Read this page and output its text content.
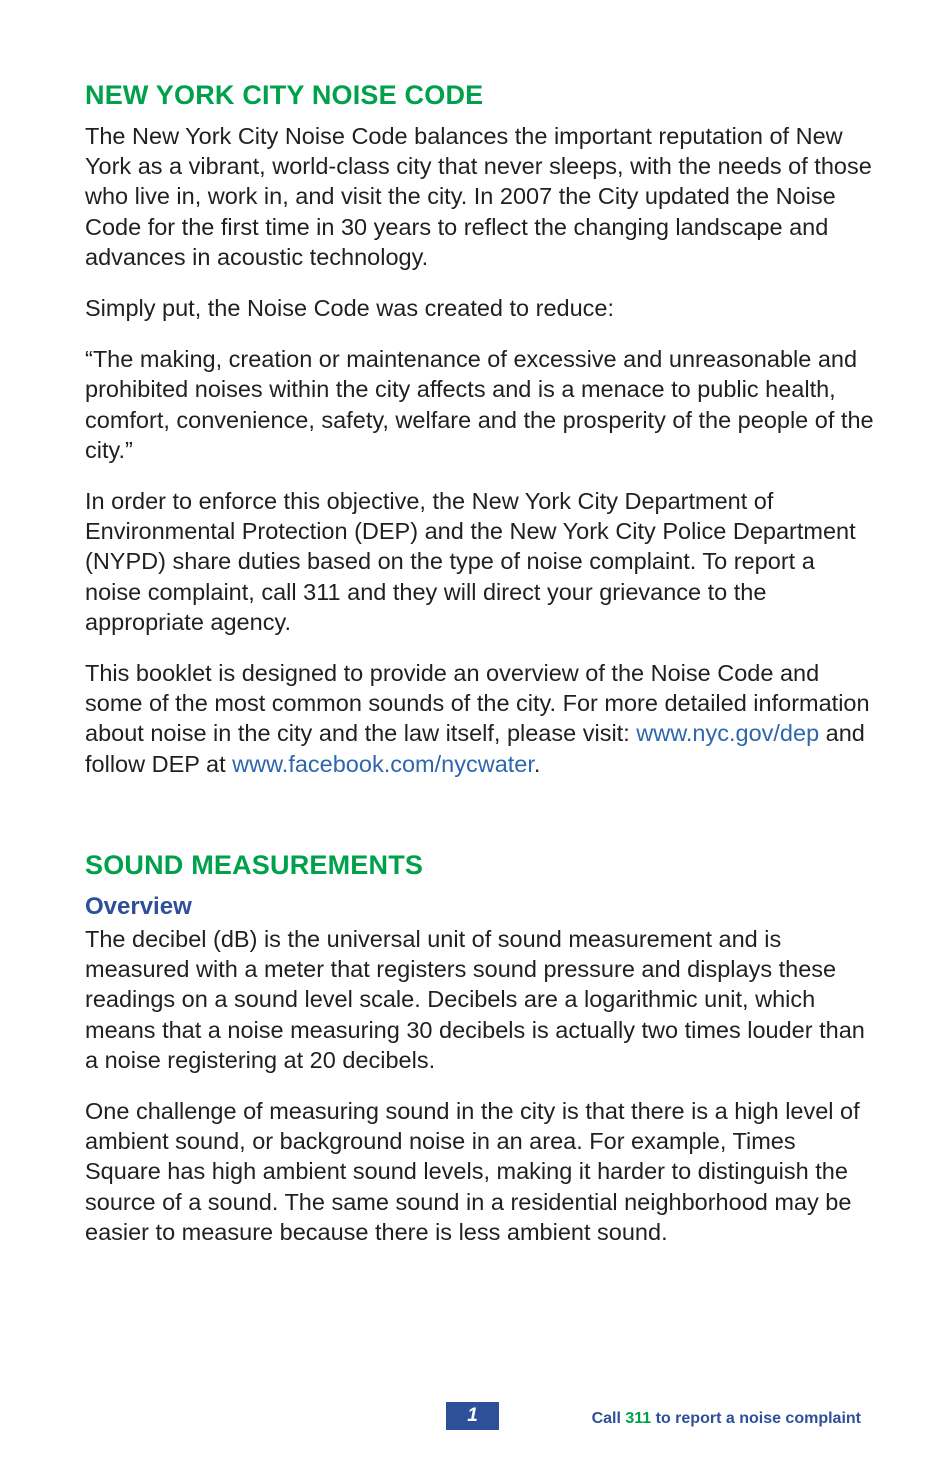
NEW YORK CITY NOISE CODE

The New York City Noise Code balances the important reputation of New York as a vibrant, world-class city that never sleeps, with the needs of those who live in, work in, and visit the city. In 2007 the City updated the Noise Code for the first time in 30 years to reflect the changing landscape and advances in acoustic technology.

Simply put, the Noise Code was created to reduce:

“The making, creation or maintenance of excessive and unreasonable and prohibited noises within the city affects and is a menace to public health, comfort, convenience, safety, welfare and the prosperity of the people of the city.”

In order to enforce this objective, the New York City Department of Environmental Protection (DEP) and the New York City Police Department (NYPD) share duties based on the type of noise complaint. To report a noise complaint, call 311 and they will direct your grievance to the appropriate agency.

This booklet is designed to provide an overview of the Noise Code and some of the most common sounds of the city. For more detailed information about noise in the city and the law itself, please visit: www.nyc.gov/dep and follow DEP at www.facebook.com/nycwater.

SOUND MEASUREMENTS
Overview

The decibel (dB) is the universal unit of sound measurement and is measured with a meter that registers sound pressure and displays these readings on a sound level scale. Decibels are a logarithmic unit, which means that a noise measuring 30 decibels is actually two times louder than a noise registering at 20 decibels.

One challenge of measuring sound in the city is that there is a high level of ambient sound, or background noise in an area. For example, Times Square has high ambient sound levels, making it harder to distinguish the source of a sound. The same sound in a residential neighborhood may be easier to measure because there is less ambient sound.

1	Call 311 to report a noise complaint
